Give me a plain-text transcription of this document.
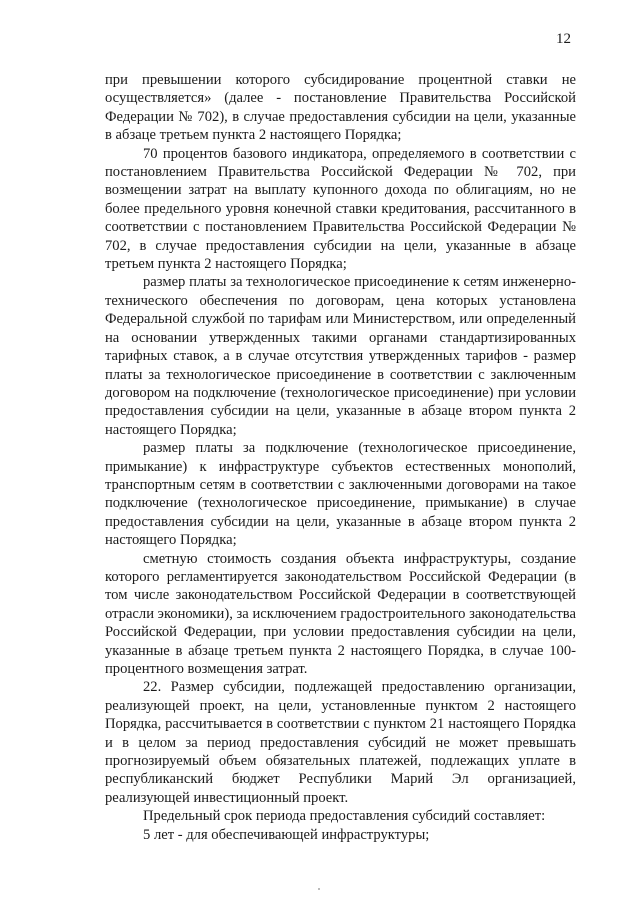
12

при превышении которого субсидирование процентной ставки не осуществляется» (далее - постановление Правительства Российской Федерации № 702), в случае предоставления субсидии на цели, указанные в абзаце третьем пункта 2 настоящего Порядка;

70 процентов базового индикатора, определяемого в соответствии с постановлением Правительства Российской Федерации № 702, при возмещении затрат на выплату купонного дохода по облигациям, но не более предельного уровня конечной ставки кредитования, рассчитанного в соответствии с постановлением Правительства Российской Федерации № 702, в случае предоставления субсидии на цели, указанные в абзаце третьем пункта 2 настоящего Порядка;

размер платы за технологическое присоединение к сетям инженерно-технического обеспечения по договорам, цена которых установлена Федеральной службой по тарифам или Министерством, или определенный на основании утвержденных такими органами стандартизированных тарифных ставок, а в случае отсутствия утвержденных тарифов - размер платы за технологическое присоединение в соответствии с заключенным договором на подключение (технологическое присоединение) при условии предоставления субсидии на цели, указанные в абзаце втором пункта 2 настоящего Порядка;

размер платы за подключение (технологическое присоединение, примыкание) к инфраструктуре субъектов естественных монополий, транспортным сетям в соответствии с заключенными договорами на такое подключение (технологическое присоединение, примыкание) в случае предоставления субсидии на цели, указанные в абзаце втором пункта 2 настоящего Порядка;

сметную стоимость создания объекта инфраструктуры, создание которого регламентируется законодательством Российской Федерации (в том числе законодательством Российской Федерации в соответствующей отрасли экономики), за исключением градостроительного законодательства Российской Федерации, при условии предоставления субсидии на цели, указанные в абзаце третьем пункта 2 настоящего Порядка, в случае 100-процентного возмещения затрат.

22. Размер субсидии, подлежащей предоставлению организации, реализующей проект, на цели, установленные пунктом 2 настоящего Порядка, рассчитывается в соответствии с пунктом 21 настоящего Порядка и в целом за период предоставления субсидий не может превышать прогнозируемый объем обязательных платежей, подлежащих уплате в республиканский бюджет Республики Марий Эл организацией, реализующей инвестиционный проект.

Предельный срок периода предоставления субсидий составляет:

5 лет - для обеспечивающей инфраструктуры;
